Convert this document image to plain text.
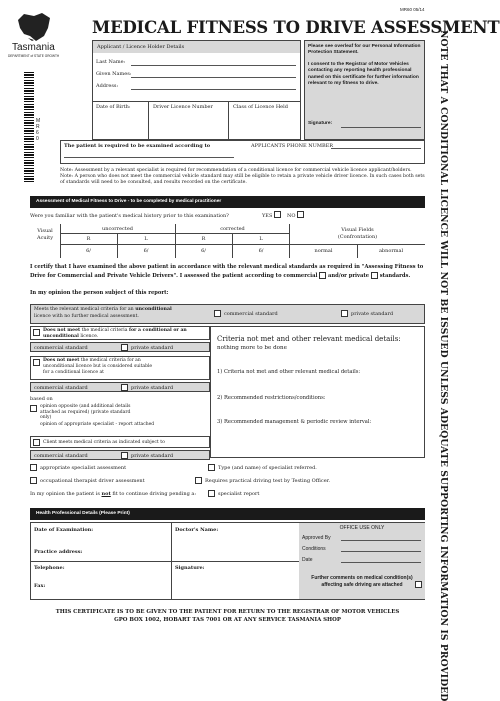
MR60 05/14
Tasmania
DEPARTMENT of STATE GROWTH
M R 6 0
MEDICAL FITNESS TO DRIVE ASSESSMENT
Applicant / Licence Holder Details
Last Name:
Given Names:
Address:
Date of Birth:	Driver Licence Number	Class of Licence Held
Please see overleaf for our Personal Information Protection Statement.
I consent to the Registrar of Motor Vehicles contacting any reporting health professional named on this certificate for further information relevant to my fitness to drive.
Signature:
The patient is required to be examined according to	APPLICANTS PHONE NUMBER
Note: Assessment by a relevant specialist is required for recommendation of a conditional licence for commercial vehicle licence applicant/holders.
Note: A person who does not meet the commercial vehicle standard may still be eligible to retain a private vehicle driver licence. In such cases both sets of standards will need to be consulted, and results recorded on the certificate.
Assessment of Medical Fitness to Drive - to be completed by medical practitioner
Were you familiar with the patient's medical history prior to this examination?	YES	NO
Visual
Acuity
uncorrected	corrected
R	L	R	L
6/	6/	6/	6/
Visual Fields
(Confrontation)
normal	abnormal
I certify that I have examined the above patient in accordance with the relevant medical standards as required in "Assessing Fitness to Drive for Commercial and Private Vehicle Drivers". I assessed the patient according to commercial and/or private standards.
In my opinion the person subject of this report:
Meets the relevant medical criteria for an unconditional
licence with no further medical assessment.	commercial standard	private standard
Does not meet the medical criteria for a conditional or an unconditional licence.
commercial standard	private standard
Does not meet the medical criteria for an unconditional licence but is considered suitable for a conditional licence at
commercial standard	private standard
based on
opinion opposite (and additional details attached as required) (private standard only)
opinion of appropriate specialist - report attached
Client meets medical criteria as indicated subject to
commercial standard	private standard
appropriate specialist assessment
occupational therapist driver assessment
Criteria not met and other relevant medical details:
nothing more to be done
1) Criteria not met and other relevant medical details:
2) Recommended restrictions/conditions:
3) Recommended management & periodic review interval:
Type (and name) of specialist referred.
Requires practical driving test by Testing Officer.
In my opinion the patient is not fit to continue driving pending a:	specialist report
Health Professional Details (Please Print)
Date of Examination:	Doctor's Name:
Practice address:
Telephone:
Fax:
Signature:
OFFICE USE ONLY
Approved By
Conditions
Date
Further comments on medical condition(s)
affecting safe driving are attached
THIS CERTIFICATE IS TO BE GIVEN TO THE PATIENT FOR RETURN TO THE REGISTRAR OF MOTOR VEHICLES
GPO BOX 1002, HOBART TAS 7001 OR AT ANY SERVICE TASMANIA SHOP	NOTE THAT A CONDITIONAL LICENCE WILL NOT BE ISSUED UNLESS ADEQUATE SUPPORTING INFORMATION IS PROVIDED
